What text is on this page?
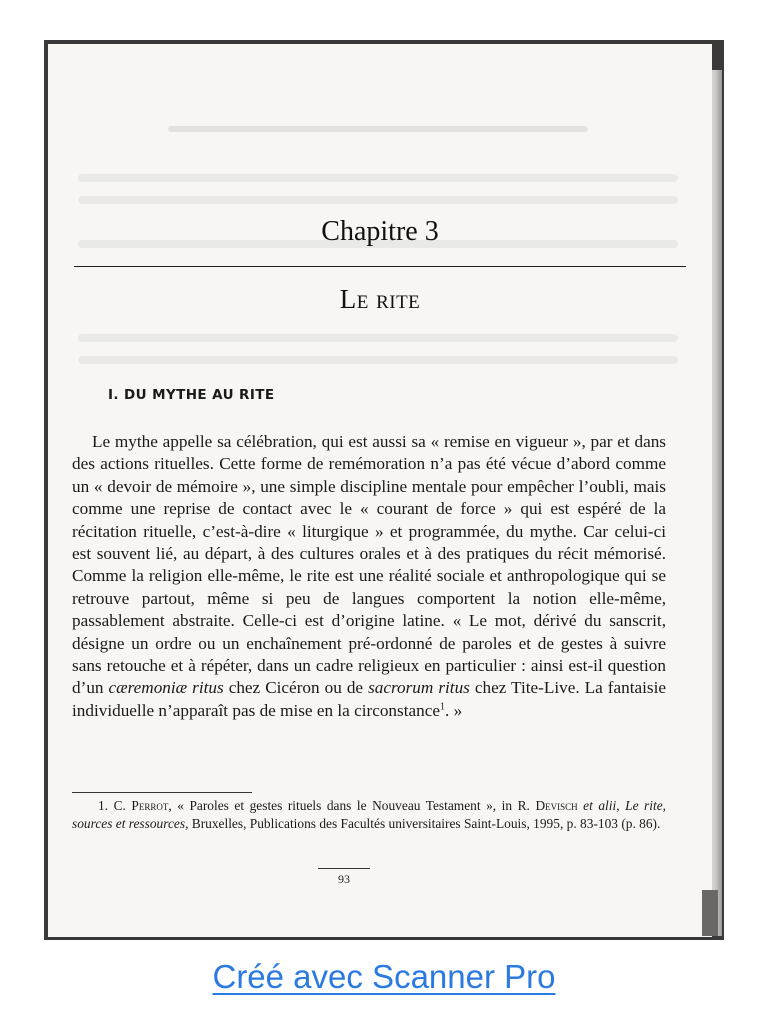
Chapitre 3
Le rite
I. DU MYTHE AU RITE

Le mythe appelle sa célébration, qui est aussi sa « remise en vigueur », par et dans des actions rituelles. Cette forme de remémoration n’a pas été vécue d’abord comme un « devoir de mémoire », une simple discipline mentale pour empêcher l’oubli, mais comme une reprise de contact avec le « courant de force » qui est espéré de la récitation rituelle, c’est-à-dire « liturgique » et programmée, du mythe. Car celui-ci est souvent lié, au départ, à des cultures orales et à des pratiques du récit mémorisé. Comme la religion elle-même, le rite est une réalité sociale et anthropologique qui se retrouve partout, même si peu de langues comportent la notion elle-même, passablement abstraite. Celle-ci est d’origine latine. « Le mot, dérivé du sanscrit, désigne un ordre ou un enchaînement pré-ordonné de paroles et de gestes à suivre sans retouche et à répéter, dans un cadre religieux en particulier : ainsi est-il question d’un cæremoniæ ritus chez Cicéron ou de sacrorum ritus chez Tite-Live. La fantaisie individuelle n’apparaît pas de mise en la circonstance$^1$. »

1. C. Perrot, « Paroles et gestes rituels dans le Nouveau Testament », in R. Devisch et alii, Le rite, sources et ressources, Bruxelles, Publications des Facultés universitaires Saint-Louis, 1995, p. 83-103 (p. 86).

93
Créé avec Scanner Pro
